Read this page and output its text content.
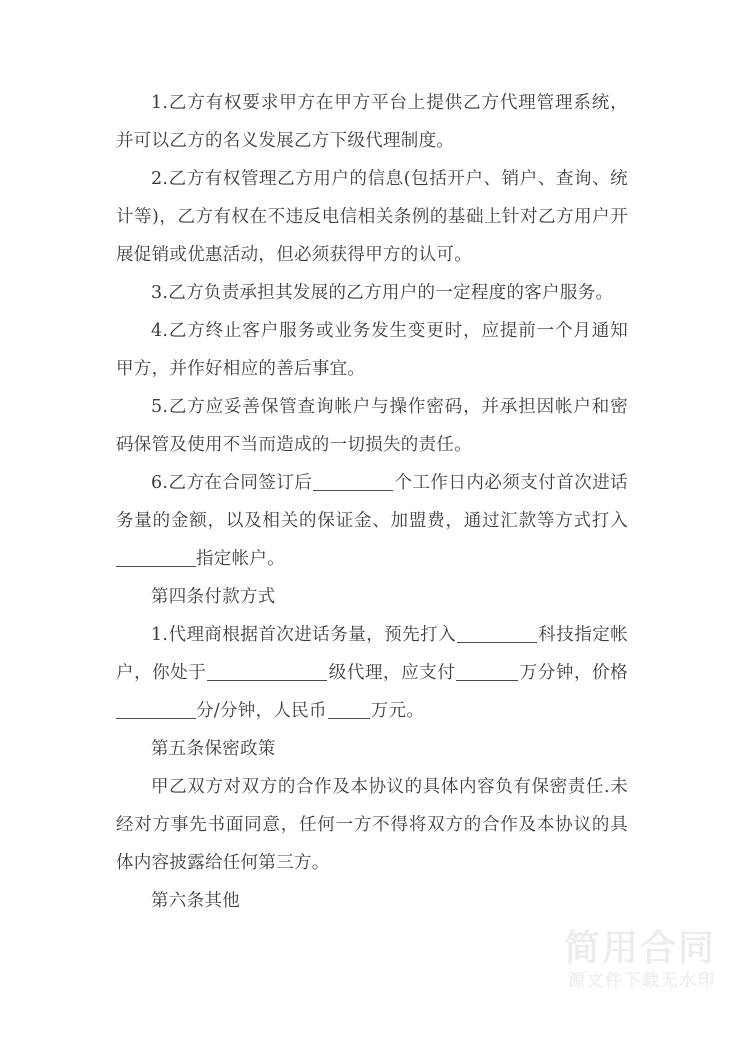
1.乙方有权要求甲方在甲方平台上提供乙方代理管理系统，并可以乙方的名义发展乙方下级代理制度。

2.乙方有权管理乙方用户的信息(包括开户、销户、查询、统计等)，乙方有权在不违反电信相关条例的基础上针对乙方用户开展促销或优惠活动，但必须获得甲方的认可。

3.乙方负责承担其发展的乙方用户的一定程度的客户服务。

4.乙方终止客户服务或业务发生变更时，应提前一个月通知甲方，并作好相应的善后事宜。

5.乙方应妥善保管查询帐户与操作密码，并承担因帐户和密码保管及使用不当而造成的一切损失的责任。

6.乙方在合同签订后	个工作日内必须支付首次进话务量的金额，以及相关的保证金、加盟费，通过汇款等方式打入指定帐户。

第四条付款方式

1.代理商根据首次进话务量，预先打入	科技指定帐户，你处于	级代理，应支付	万分钟，价格分/分钟，人民币	万元。

第五条保密政策

甲乙双方对双方的合作及本协议的具体内容负有保密责任.未经对方事先书面同意，任何一方不得将双方的合作及本协议的具体内容披露给任何第三方。

第六条其他

简用合同
源文件下载无水印
